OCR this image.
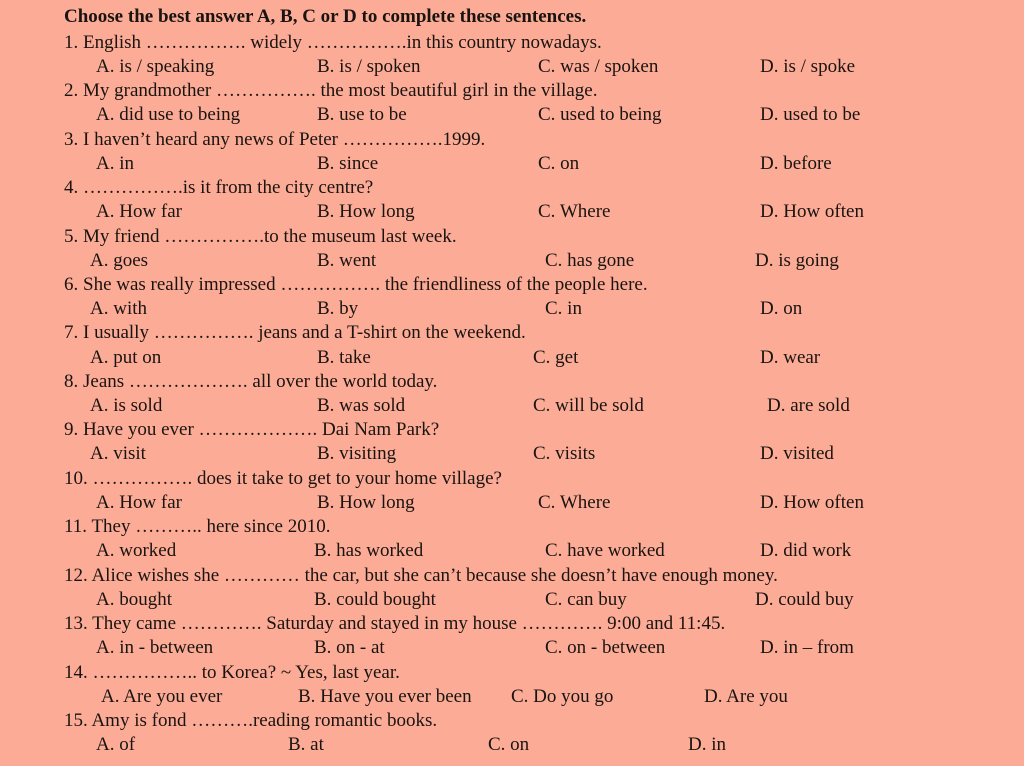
Choose the best answer A, B, C or D to complete these sentences.
1. English ……………. widely …………….in this country nowadays.
A. is / speaking	B. is / spoken	C. was / spoken	D. is / spoke
2. My grandmother ……………. the most beautiful girl in the village.
A. did use to being	B. use to be	C. used to being	D. used to be
3. I haven’t heard any news of Peter …………….1999.
A. in	B. since	C. on	D. before
4. …………….is it from the city centre?
A. How far	B. How long	C. Where	D. How often
5. My friend …………….to the museum last week.
A. goes	B. went	C. has gone	D. is going
6. She was really impressed ……………. the friendliness of the people here.
A. with	B. by	C. in	D. on
7. I usually ……………. jeans and a T-shirt on the weekend.
A. put on	B. take	C. get	D. wear
8. Jeans ………………. all over the world today.
A. is sold	B. was sold	C. will be sold	D. are sold
9. Have you ever ………………. Dai Nam Park?
A. visit	B. visiting	C. visits	D. visited
10. ……………. does it take to get to your home village?
A. How far	B. How long	C. Where	D. How often
11. They ……….. here since 2010.
A. worked	B. has worked	C. have worked	D. did work
12. Alice wishes she ………… the car, but she can’t because she doesn’t have enough money.
A. bought	B. could bought	C. can buy	D. could buy
13. They came …………. Saturday and stayed in my house …………. 9:00 and 11:45.
A. in - between	B. on - at	C. on - between	D. in – from
14. …………….. to Korea? ~ Yes, last year.
A. Are you ever	B. Have you ever been C. Do you go	D. Are you
15. Amy is fond ……….reading romantic books.
A. of	B. at	C. on	D. in
